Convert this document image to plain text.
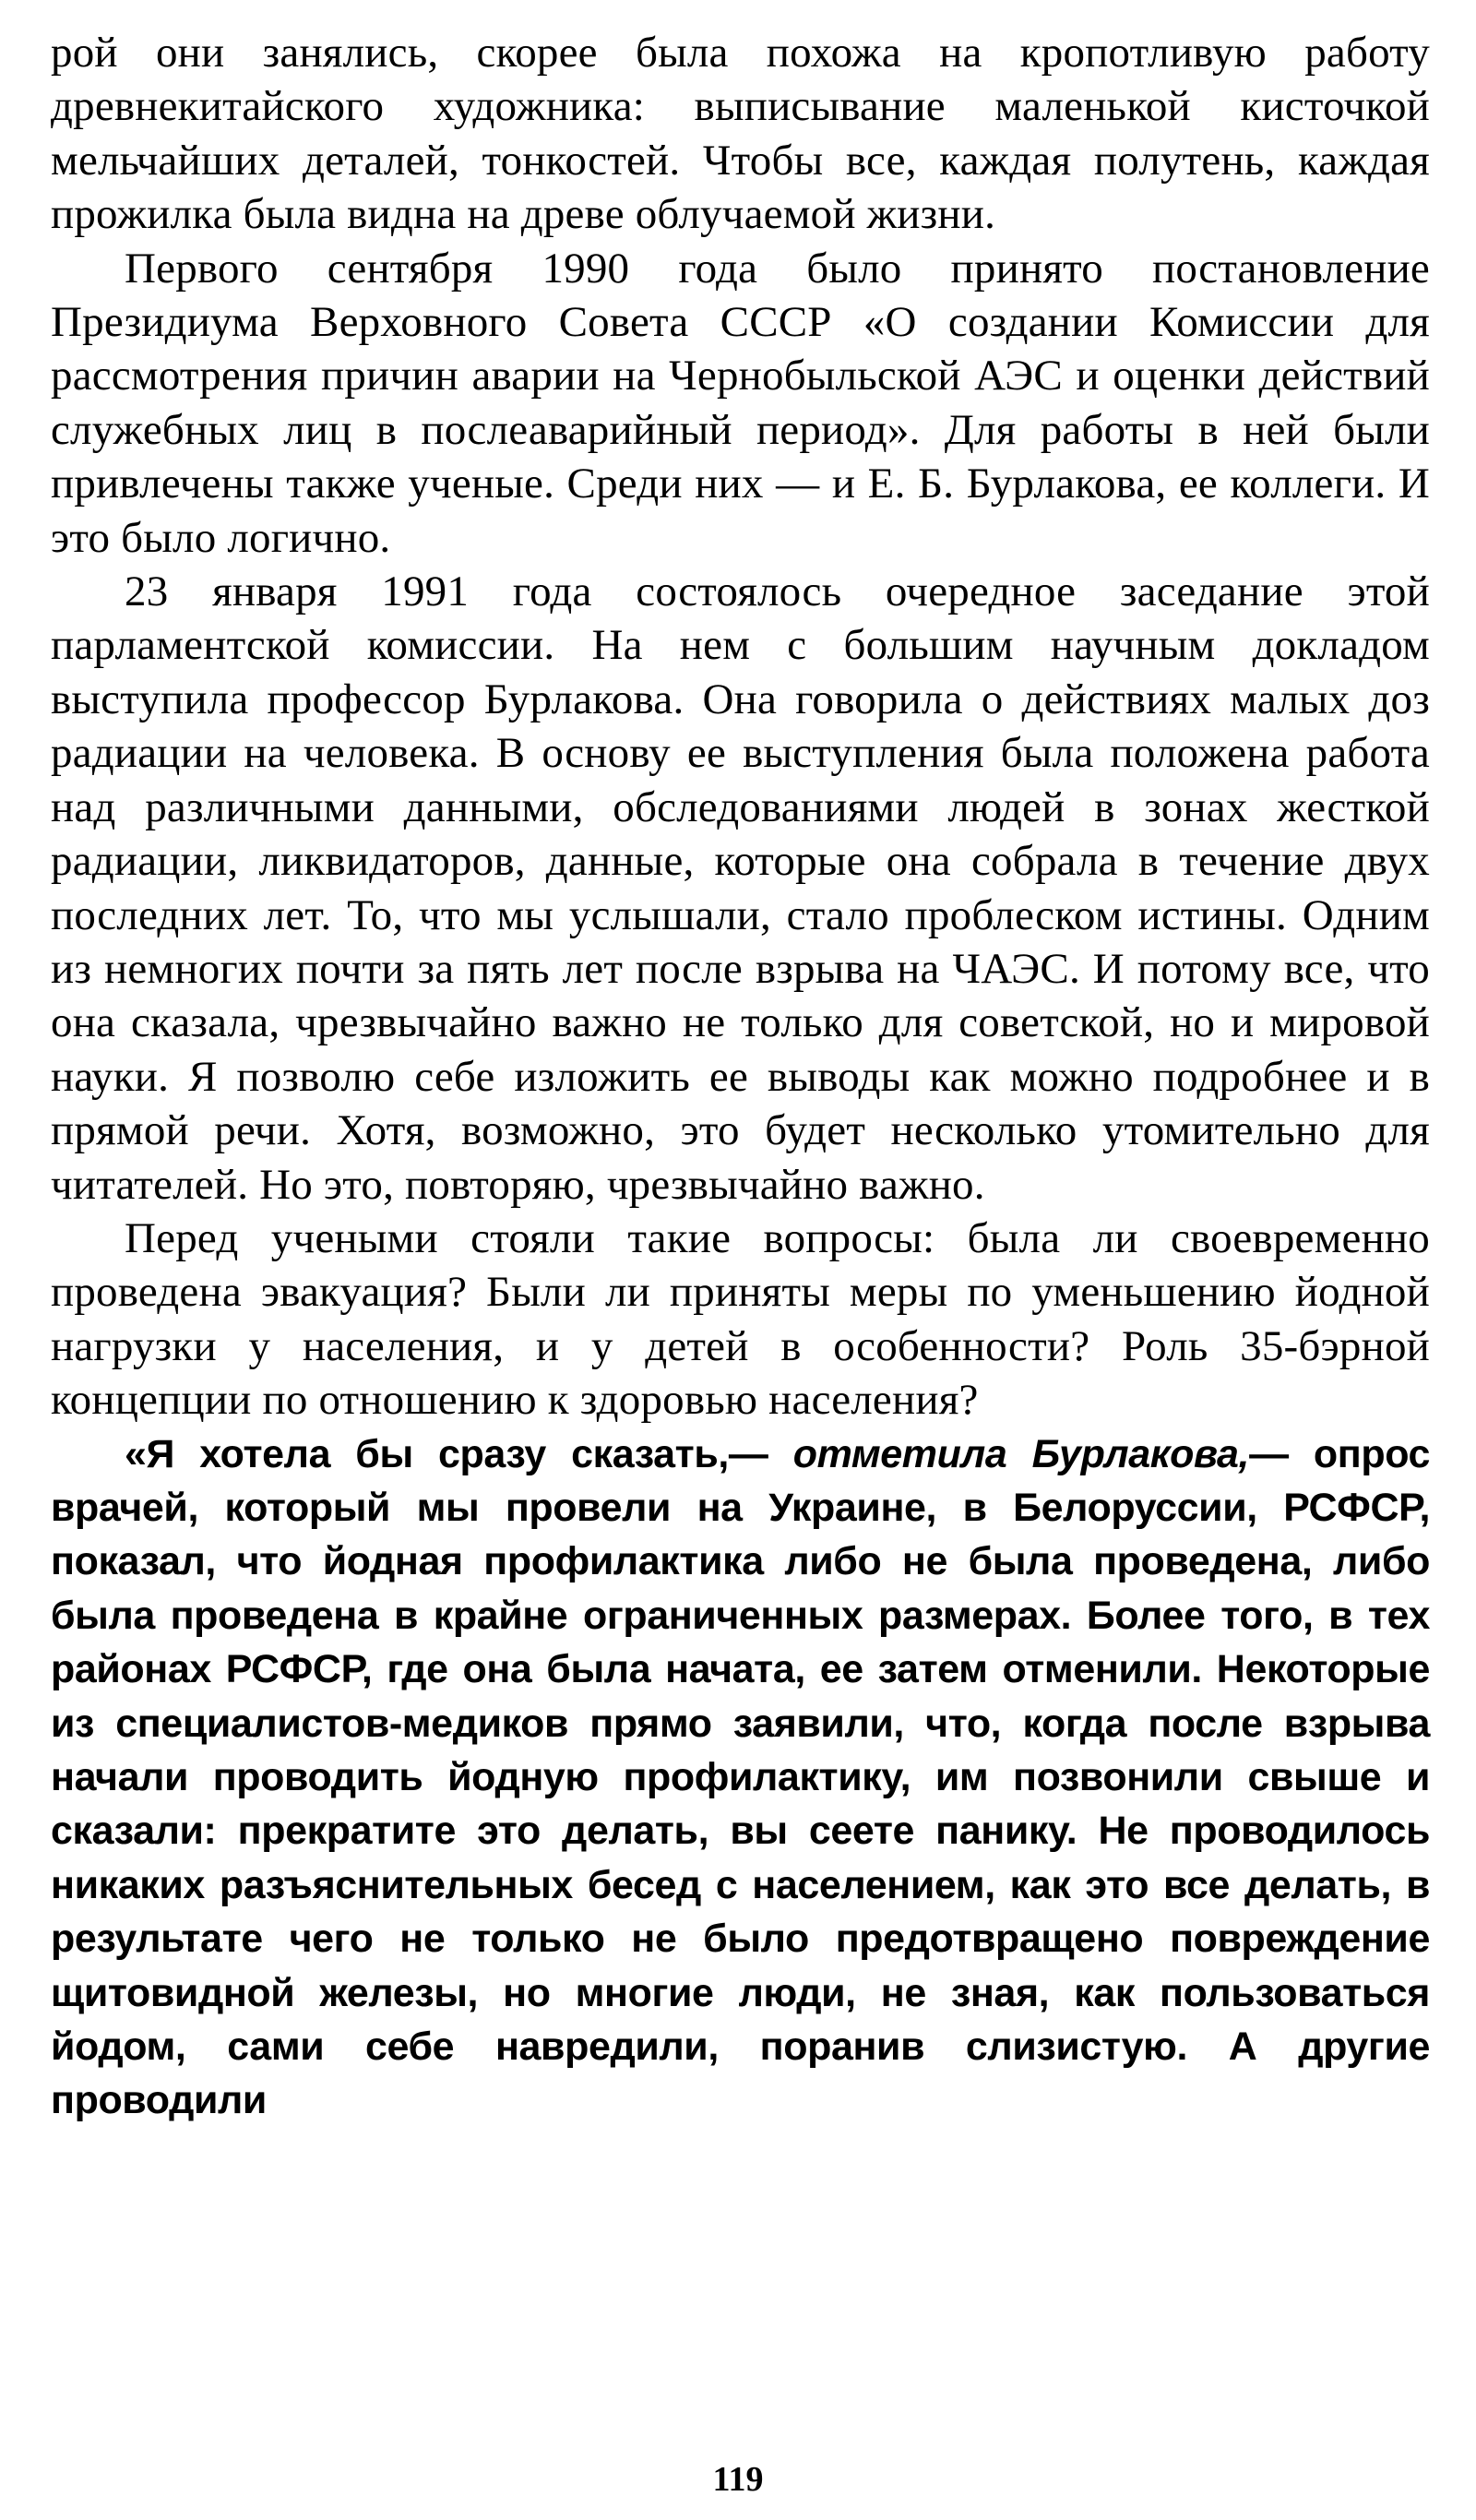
рой они занялись, скорее была похожа на кропотливую работу древнекитайского художника: выписывание маленькой кисточкой мельчайших деталей, тонкостей. Чтобы все, каждая полутень, каждая прожилка была видна на древе облучаемой жизни.

Первого сентября 1990 года было принято постановление Президиума Верховного Совета СССР «О создании Комиссии для рассмотрения причин аварии на Чернобыльской АЭС и оценки действий служебных лиц в послеаварийный период». Для работы в ней были привлечены также ученые. Среди них — и Е. Б. Бурлакова, ее коллеги. И это было логично.

23 января 1991 года состоялось очередное заседание этой парламентской комиссии. На нем с большим научным докладом выступила профессор Бурлакова. Она говорила о действиях малых доз радиации на человека. В основу ее выступления была положена работа над различными данными, обследованиями людей в зонах жесткой радиации, ликвидаторов, данные, которые она собрала в течение двух последних лет. То, что мы услышали, стало проблеском истины. Одним из немногих почти за пять лет после взрыва на ЧАЭС. И потому все, что она сказала, чрезвычайно важно не только для советской, но и мировой науки. Я позволю себе изложить ее выводы как можно подробнее и в прямой речи. Хотя, возможно, это будет несколько утомительно для читателей. Но это, повторяю, чрезвычайно важно.

Перед учеными стояли такие вопросы: была ли своевременно проведена эвакуация? Были ли приняты меры по уменьшению йодной нагрузки у населения, и у детей в особенности? Роль 35-бэрной концепции по отношению к здоровью населения?

«Я хотела бы сразу сказать,— отметила Бурлакова,— опрос врачей, который мы провели на Украине, в Белоруссии, РСФСР, показал, что йодная профилактика либо не была проведена, либо была проведена в крайне ограниченных размерах. Более того, в тех районах РСФСР, где она была начата, ее затем отменили. Некоторые из специалистов-медиков прямо заявили, что, когда после взрыва начали проводить йодную профилактику, им позвонили свыше и сказали: прекратите это делать, вы сеете панику. Не проводилось никаких разъяснительных бесед с населением, как это все делать, в результате чего не только не было предотвращено повреждение щитовидной железы, но многие люди, не зная, как пользоваться йодом, сами себе навредили, поранив слизистую. А другие проводили

119
